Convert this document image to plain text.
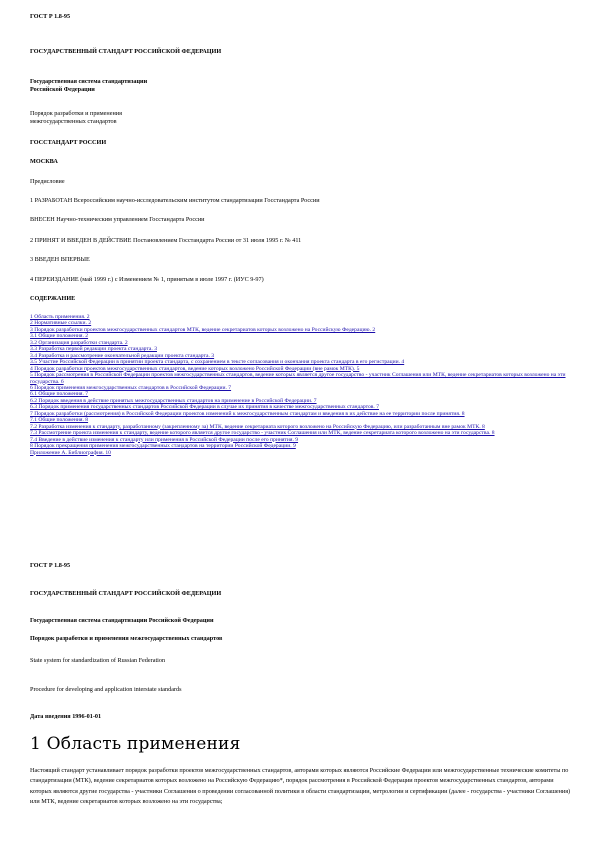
ГОСТ Р 1.8-95
ГОСУДАРСТВЕННЫЙ СТАНДАРТ РОССИЙСКОЙ ФЕДЕРАЦИИ
Государственная система стандартизации
Российской Федерации
Порядок разработки и применения
межгосударственных стандартов
ГОССТАНДАРТ РОССИИ
МОСКВА
Предисловие
1 РАЗРАБОТАН Всероссийским научно-исследовательским институтом стандартизации Госстандарта России
ВНЕСЕН Научно-техническим управлением Госстандарта России
2 ПРИНЯТ И ВВЕДЕН В ДЕЙСТВИЕ Постановлением Госстандарта России от 31 июля 1995 г. № 411
3 ВВЕДЕН ВПЕРВЫЕ
4 ПЕРЕИЗДАНИЕ (май 1999 г.) с Изменением № 1, принятым в июле 1997 г. (ИУС 9-97)
СОДЕРЖАНИЕ
1 Область применения. 2
2 Нормативные ссылки. 2
3 Порядок разработки проектов межгосударственных стандартов МТК, ведение секретариатов которых возложено на Российскую Федерацию. 2
3.1 Общие положения. 2
3.2 Организация разработки стандарта. 2
3.3 Разработка первой редакции проекта стандарта. 3
3.4 Разработка и рассмотрение окончательной редакции проекта стандарта. 3
3.5 Участие Российской Федерации в принятии проекта стандарта, с сохранением в тексте согласования и окончания проекта стандарта в его регистрации. 4
4 Порядок разработки проектов межгосударственных стандартов, ведение которых возложено Российской Федерации (вне рамок МТК). 5
5 Порядок рассмотрения в Российской Федерации проектов межгосударственных стандартов, ведение которых является другое государство - участник Соглашения или МТК, ведение секретариатов которых возложено на эти государства. 6
6 Порядок применения межгосударственных стандартов в Российской Федерации. 7
6.1 Общие положения. 7
6.2 Порядок введения в действие принятых межгосударственных стандартов на применение в Российской Федерации. 7
6.3 Порядок применения государственных стандартов Российской Федерации в случае их принятия в качестве межгосударственных стандартов. 7
7 Порядок разработки (рассмотрения) в Российской Федерации проектов изменений к межгосударственным стандартам и введения в их действие на ее территории после принятия. 8
7.1 Общие положения. 8
7.2 Разработка изменения к стандарту, разработанному (закрепленному за) МТК, ведение секретариата которого возложено на Российскую Федерацию, или разработанным вне рамок МТК. 8
7.3 Рассмотрение проекта изменения к стандарту, ведение которого является другое государство - участник Соглашения или МТК, ведение секретариата которого возложено на эти государства. 8
7.4 Введение в действие изменения к стандарту или применения в Российской Федерации после его принятия. 9
8 Порядок прекращения применения межгосударственных стандартов на территории Российской Федерации. 9
Приложение А. Библиография. 10
ГОСТ Р 1.8-95
ГОСУДАРСТВЕННЫЙ СТАНДАРТ РОССИЙСКОЙ ФЕДЕРАЦИИ
Государственная система стандартизации Российской Федерации
Порядок разработки и применения межгосударственных стандартов
State system for standardization of Russian Federation
Procedure for developing and application interstate standards
Дата введения 1996-01-01
1 Область применения
Настоящий стандарт устанавливает порядок разработки проектов межгосударственных стандартов, авторами которых являются Российские Федерации или межгосударственные технические комитеты по стандартизации (МТК), ведение секретариатов которых возложено на Российскую Федерацию*, порядок рассмотрения в Российской Федерации проектов межгосударственных стандартов, авторами которых являются другие государства - участники Соглашения о проведении согласованной политики в области стандартизации, метрологии и сертификации (далее - государства - участники Соглашения) или МТК, ведение секретариатов которых возложено на эти государства;
